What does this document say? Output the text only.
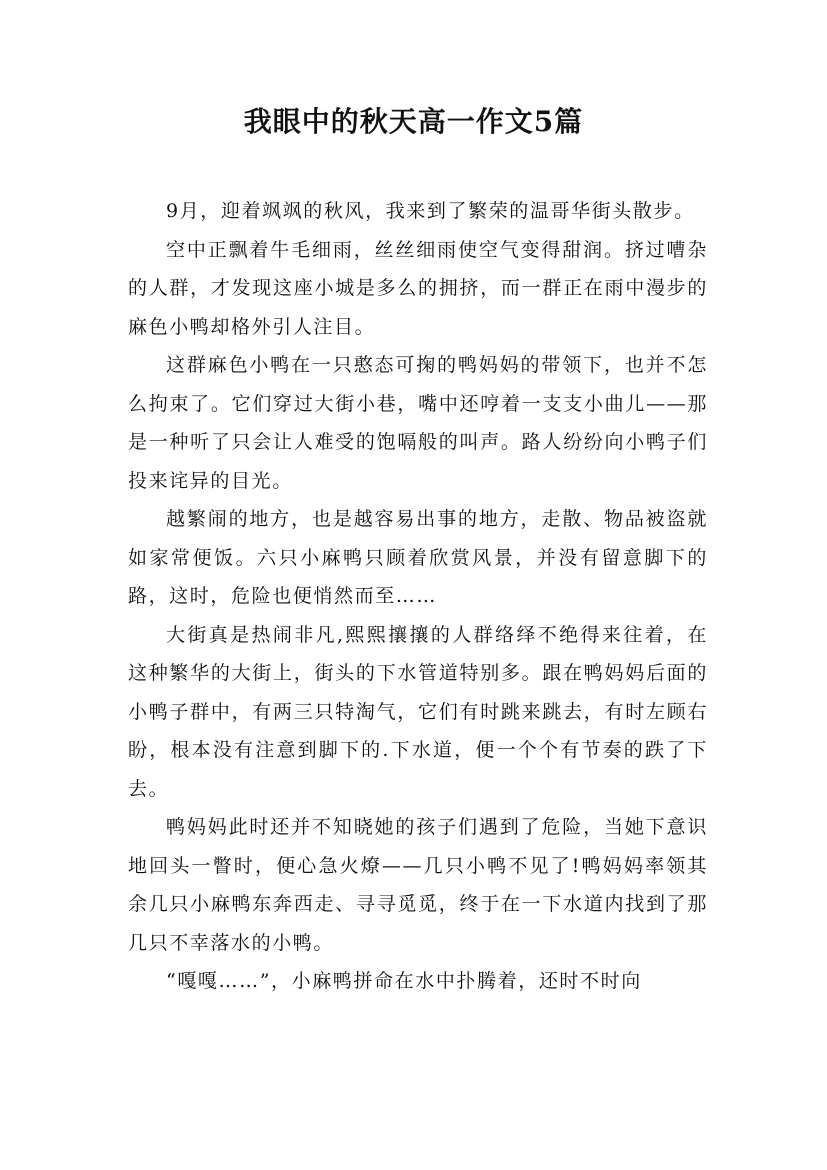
我眼中的秋天高一作文5篇

9月，迎着飒飒的秋风，我来到了繁荣的温哥华街头散步。

空中正飘着牛毛细雨，丝丝细雨使空气变得甜润。挤过嘈杂的人群，才发现这座小城是多么的拥挤，而一群正在雨中漫步的麻色小鸭却格外引人注目。

这群麻色小鸭在一只憨态可掬的鸭妈妈的带领下，也并不怎么拘束了。它们穿过大街小巷，嘴中还哼着一支支小曲儿——那是一种听了只会让人难受的饱嗝般的叫声。路人纷纷向小鸭子们投来诧异的目光。

越繁闹的地方，也是越容易出事的地方，走散、物品被盗就如家常便饭。六只小麻鸭只顾着欣赏风景，并没有留意脚下的路，这时，危险也便悄然而至……

大街真是热闹非凡,熙熙攘攘的人群络绎不绝得来往着，在这种繁华的大街上，街头的下水管道特别多。跟在鸭妈妈后面的小鸭子群中，有两三只特淘气，它们有时跳来跳去，有时左顾右盼，根本没有注意到脚下的.下水道，便一个个有节奏的跌了下去。

鸭妈妈此时还并不知晓她的孩子们遇到了危险，当她下意识地回头一瞥时，便心急火燎——几只小鸭不见了!鸭妈妈率领其余几只小麻鸭东奔西走、寻寻觅觅，终于在一下水道内找到了那几只不幸落水的小鸭。

“嘎嘎……”，小麻鸭拼命在水中扑腾着，还时不时向
